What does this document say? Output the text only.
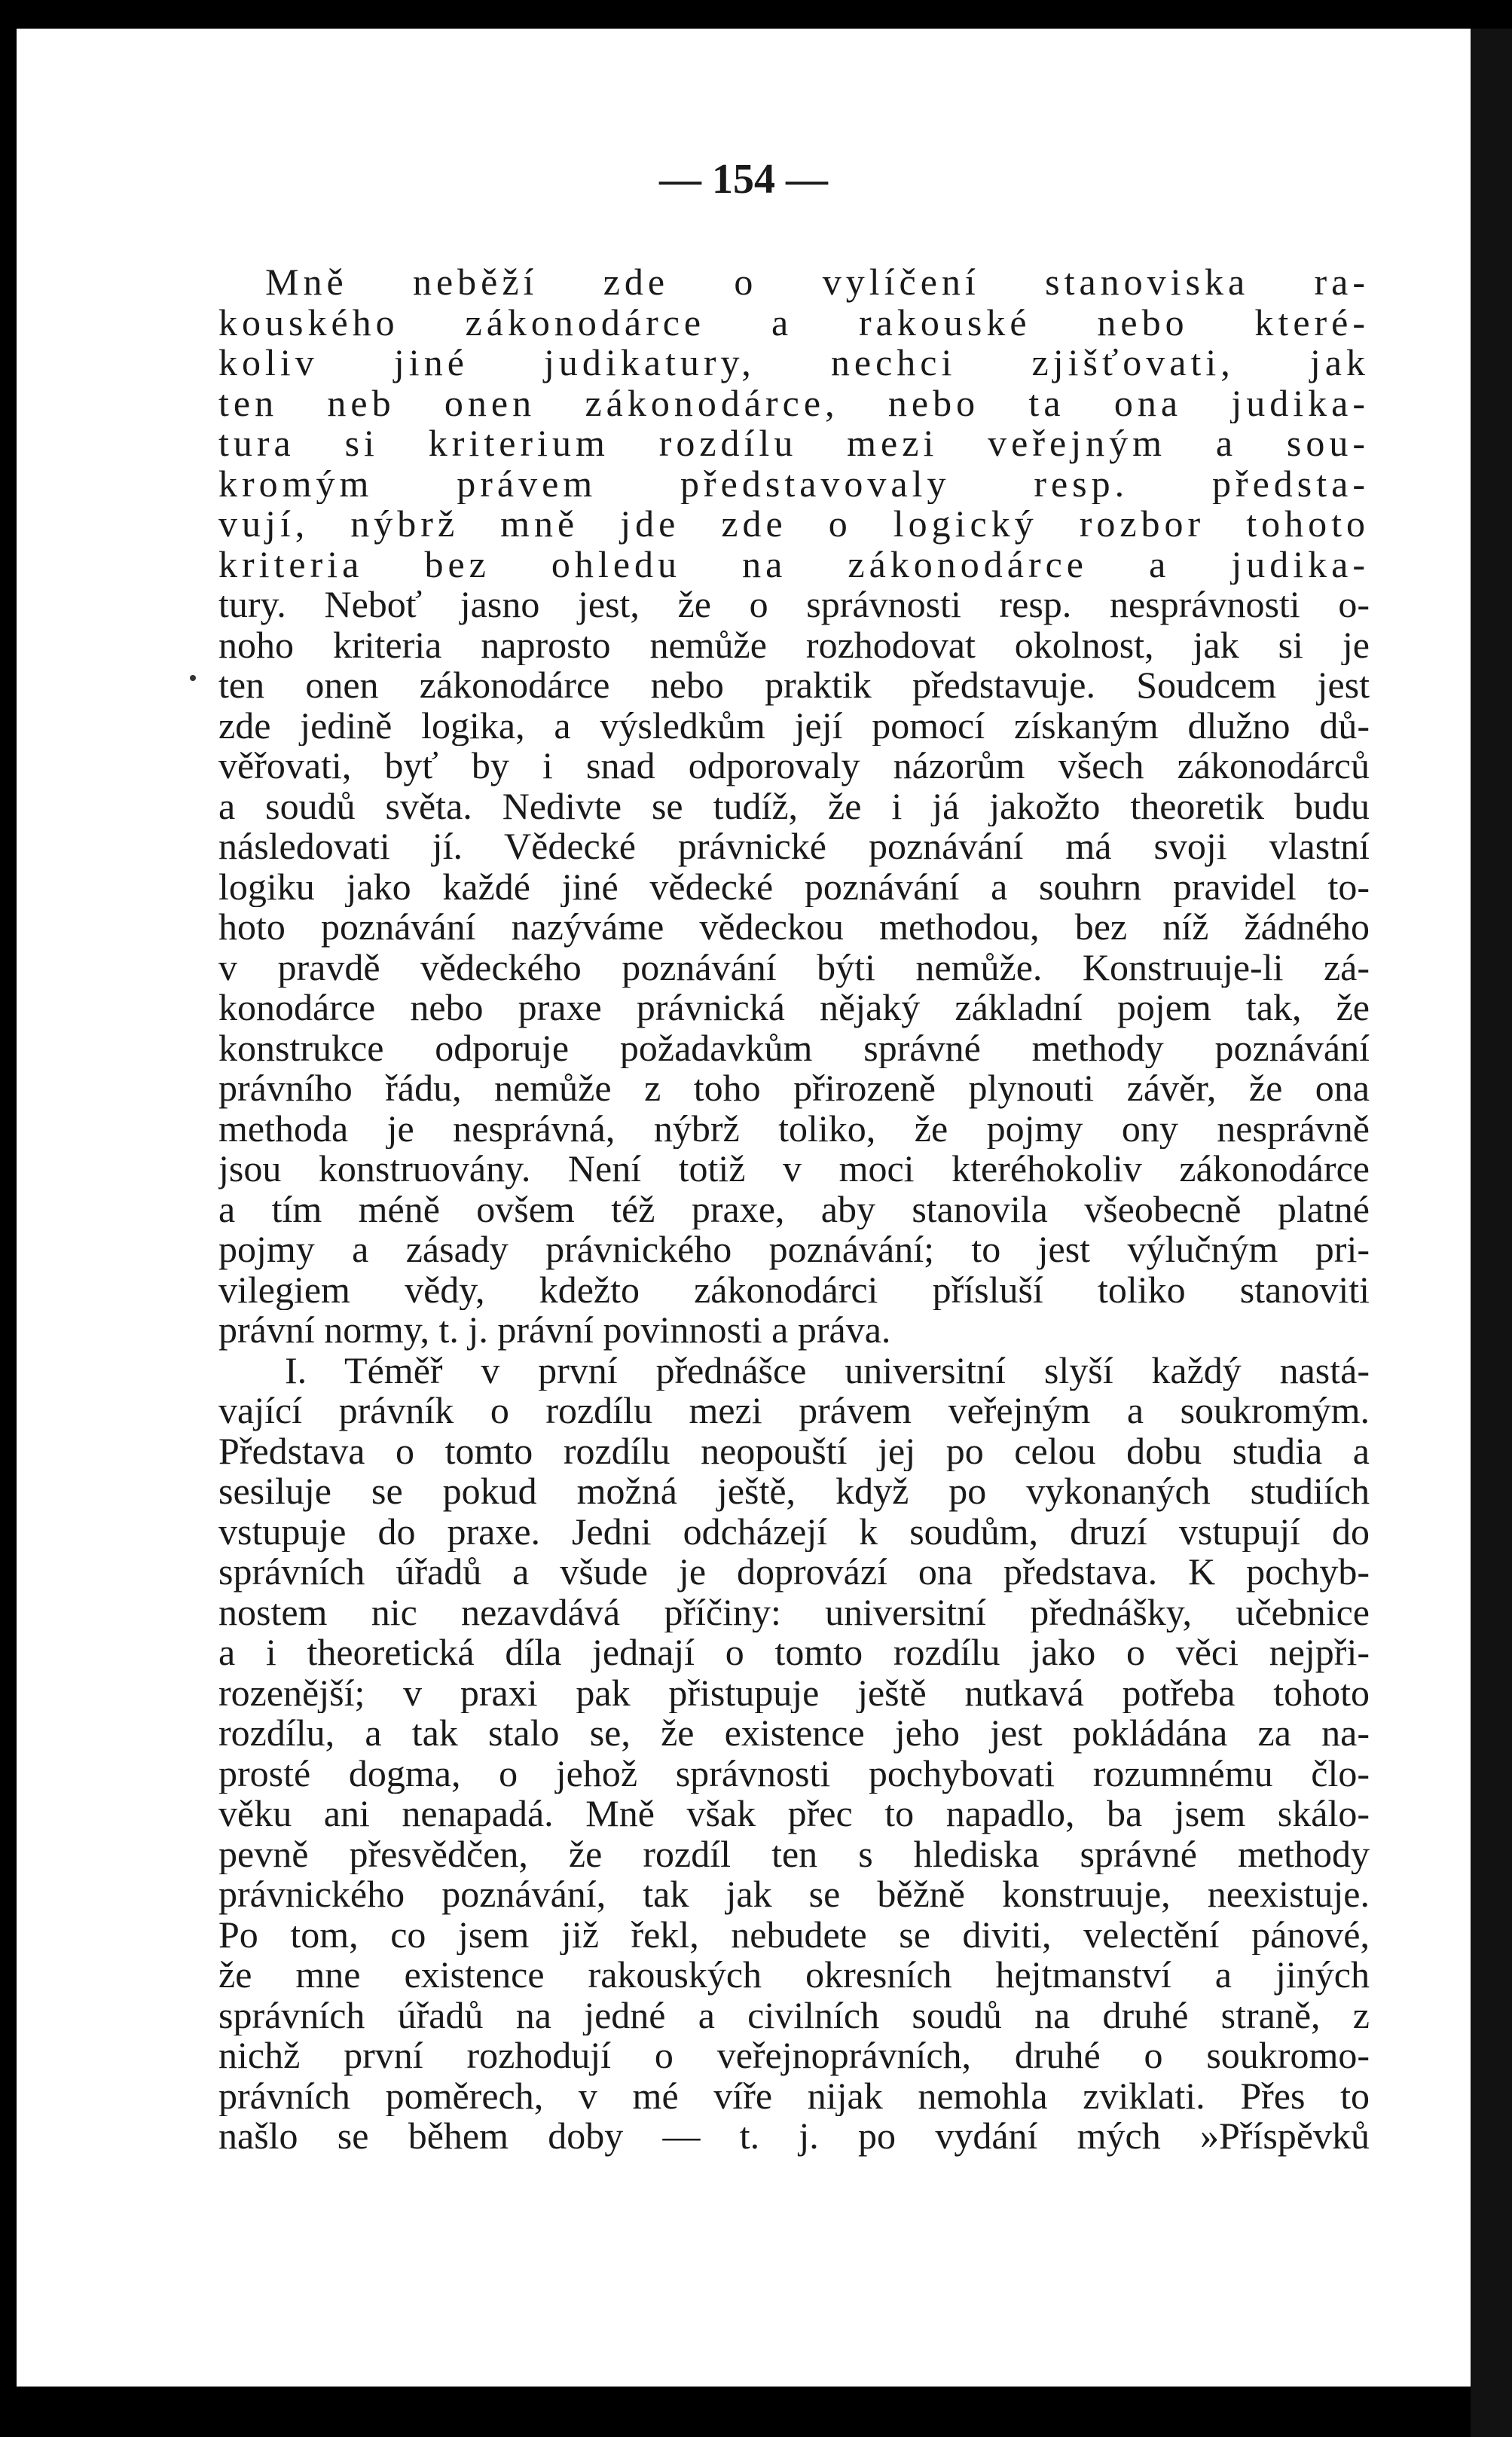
— 154 —

Mně neběží zde o vylíčení stanoviska ra-
kouského zákonodárce a rakouské nebo které-
koliv jiné judikatury, nechci zjišťovati, jak
ten neb onen zákonodárce, nebo ta ona judika-
tura si kriterium rozdílu mezi veřejným a sou-
kromým právem představovaly resp. předsta-
vují, nýbrž mně jde zde o logický rozbor tohoto
kriteria bez ohledu na zákonodárce a judika-
tury. Neboť jasno jest, že o správnosti resp. nesprávnosti o-
noho kriteria naprosto nemůže rozhodovat okolnost, jak si je
ten onen zákonodárce nebo praktik představuje. Soudcem jest
zde jedině logika, a výsledkům její pomocí získaným dlužno dů-
věřovati, byť by i snad odporovaly názorům všech zákonodárců
a soudů světa. Nedivte se tudíž, že i já jakožto theoretik budu
následovati jí. Vědecké právnické poznávání má svoji vlastní
logiku jako každé jiné vědecké poznávání a souhrn pravidel to-
hoto poznávání nazýváme vědeckou methodou, bez níž žádného
v pravdě vědeckého poznávání býti nemůže. Konstruuje-li zá-
konodárce nebo praxe právnická nějaký základní pojem tak, že
konstrukce odporuje požadavkům správné methody poznávání
právního řádu, nemůže z toho přirozeně plynouti závěr, že ona
methoda je nesprávná, nýbrž toliko, že pojmy ony nesprávně
jsou konstruovány. Není totiž v moci kteréhokoliv zákonodárce
a tím méně ovšem též praxe, aby stanovila všeobecně platné
pojmy a zásady právnického poznávání; to jest výlučným pri-
vilegiem vědy, kdežto zákonodárci přísluší toliko stanoviti
právní normy, t. j. právní povinnosti a práva.
I. Téměř v první přednášce universitní slyší každý nastá-
vající právník o rozdílu mezi právem veřejným a soukromým.
Představa o tomto rozdílu neopouští jej po celou dobu studia a
sesiluje se pokud možná ještě, když po vykonaných studiích
vstupuje do praxe. Jedni odcházejí k soudům, druzí vstupují do
správních úřadů a všude je doprovází ona představa. K pochyb-
nostem nic nezavdává příčiny: universitní přednášky, učebnice
a i theoretická díla jednají o tomto rozdílu jako o věci nejpři-
rozenější; v praxi pak přistupuje ještě nutkavá potřeba tohoto
rozdílu, a tak stalo se, že existence jeho jest pokládána za na-
prosté dogma, o jehož správnosti pochybovati rozumnému člo-
věku ani nenapadá. Mně však přec to napadlo, ba jsem skálo-
pevně přesvědčen, že rozdíl ten s hlediska správné methody
právnického poznávání, tak jak se běžně konstruuje, neexistuje.
Po tom, co jsem již řekl, nebudete se diviti, velectění pánové,
že mne existence rakouských okresních hejtmanství a jiných
správních úřadů na jedné a civilních soudů na druhé straně, z
nichž první rozhodují o veřejnoprávních, druhé o soukromo-
právních poměrech, v mé víře nijak nemohla zviklati. Přes to
našlo se během doby — t. j. po vydání mých »Příspěvků
